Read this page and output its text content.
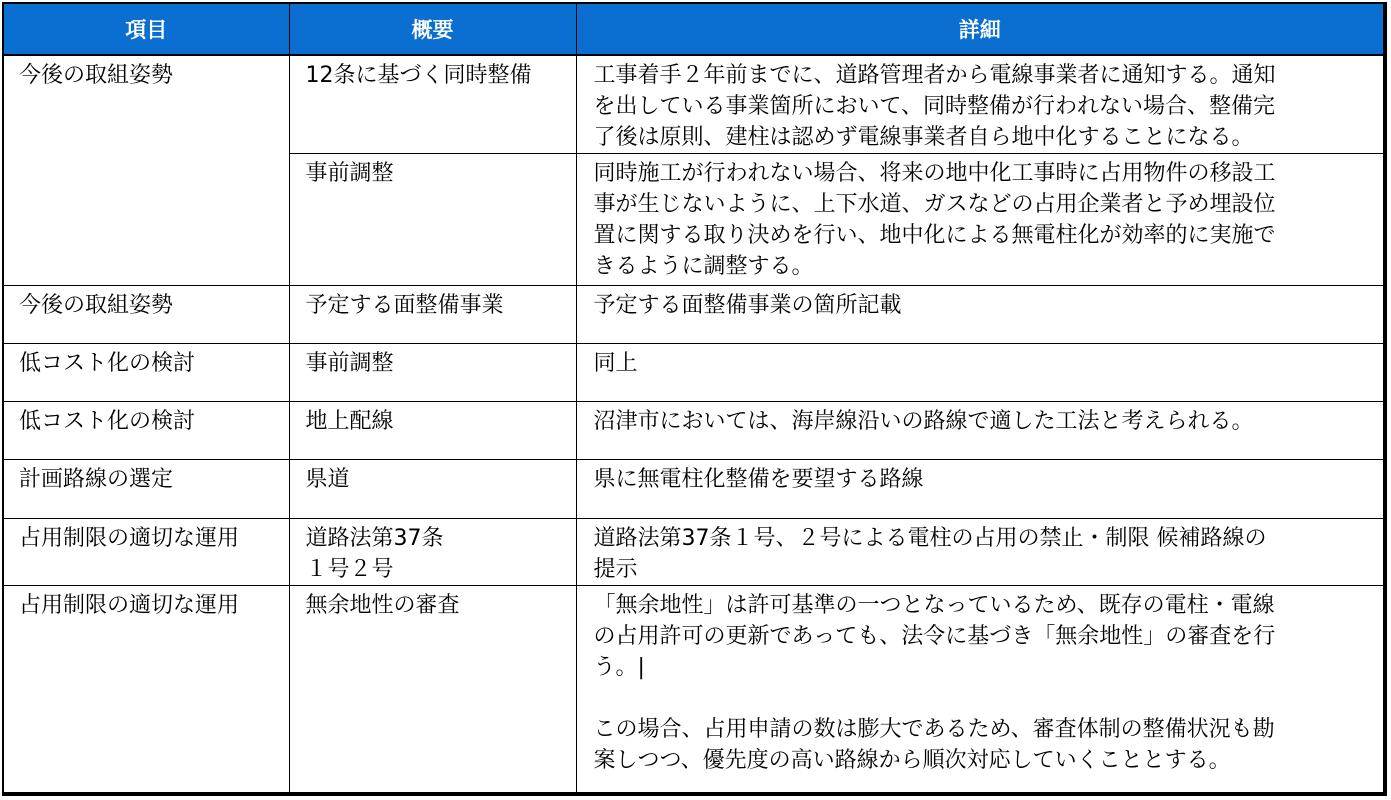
項目	概要	詳細
今後の取組姿勢	12条に基づく同時整備	工事着手２年前までに、道路管理者から電線事業者に通知する。通知
を出している事業箇所において、同時整備が行われない場合、整備完
了後は原則、建柱は認めず電線事業者自ら地中化することになる。

	事前調整	同時施工が行われない場合、将来の地中化工事時に占用物件の移設工
事が生じないように、上下水道、ガスなどの占用企業者と予め埋設位
置に関する取り決めを行い、地中化による無電柱化が効率的に実施で
きるように調整する。

今後の取組姿勢	予定する面整備事業	予定する面整備事業の箇所記載

低コスト化の検討	事前調整	同上

低コスト化の検討	地上配線	沼津市においては、海岸線沿いの路線で適した工法と考えられる。

計画路線の選定	県道	県に無電柱化整備を要望する路線

占用制限の適切な運用	道路法第37条
１号２号	道路法第37条１号、２号による電柱の占用の禁止・制限 候補路線の
提示

占用制限の適切な運用	無余地性の審査	「無余地性」は許可基準の一つとなっているため、既存の電柱・電線
の占用許可の更新であっても、法令に基づき「無余地性」の審査を行
う。|
この場合、占用申請の数は膨大であるため、審査体制の整備状況も勘
案しつつ、優先度の高い路線から順次対応していくこととする。
